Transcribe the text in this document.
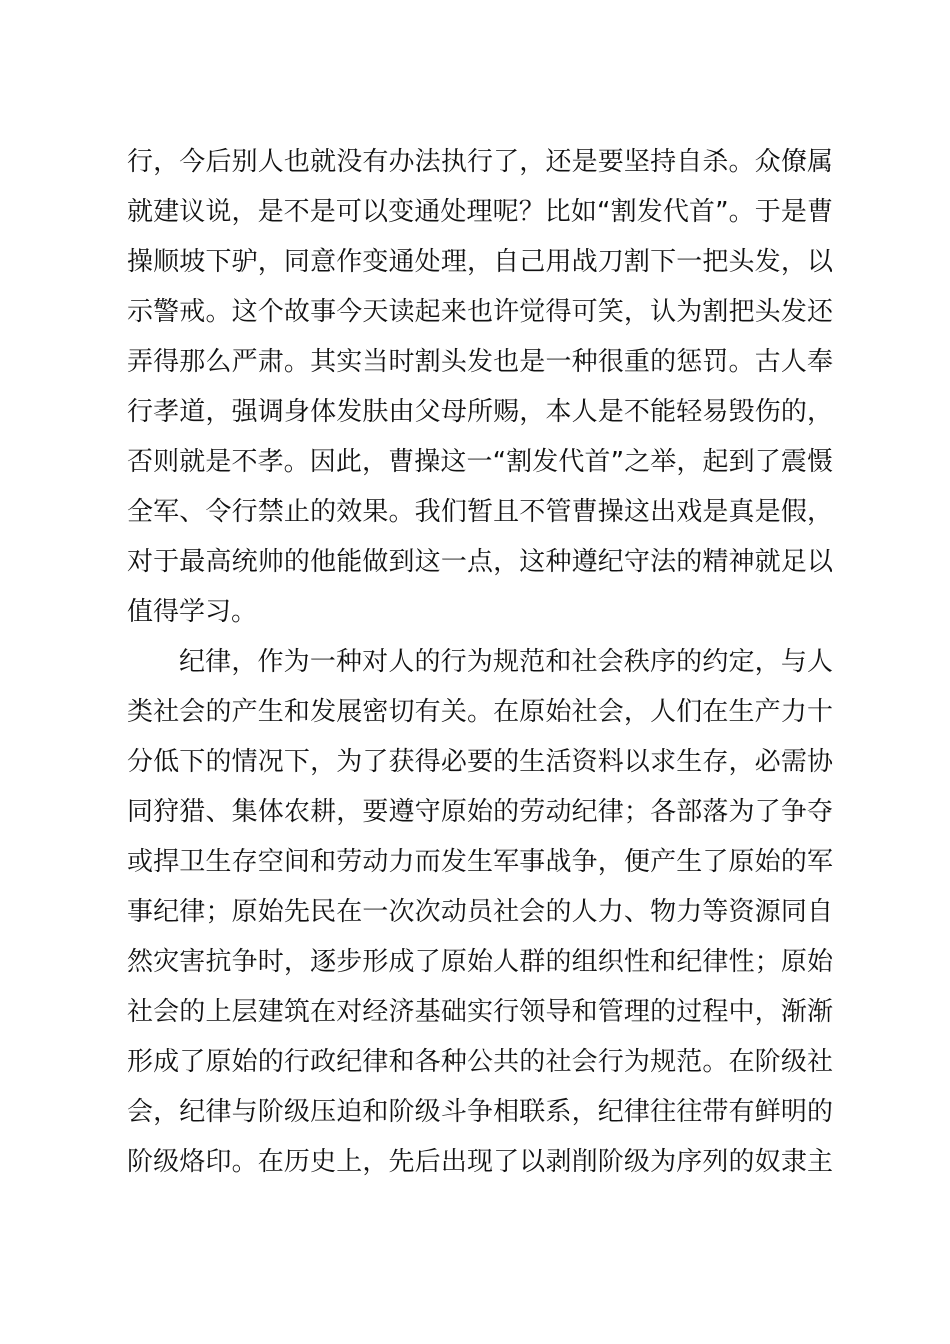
行，今后别人也就没有办法执行了，还是要坚持自杀。众僚属
就建议说，是不是可以变通处理呢？比如“割发代首”。于是曹
操顺坡下驴，同意作变通处理，自己用战刀割下一把头发，以
示警戒。这个故事今天读起来也许觉得可笑，认为割把头发还
弄得那么严肃。其实当时割头发也是一种很重的惩罚。古人奉
行孝道，强调身体发肤由父母所赐，本人是不能轻易毁伤的，
否则就是不孝。因此，曹操这一“割发代首”之举，起到了震慑
全军、令行禁止的效果。我们暂且不管曹操这出戏是真是假，
对于最高统帅的他能做到这一点，这种遵纪守法的精神就足以
值得学习。
纪律，作为一种对人的行为规范和社会秩序的约定，与人
类社会的产生和发展密切有关。在原始社会，人们在生产力十
分低下的情况下，为了获得必要的生活资料以求生存，必需协
同狩猎、集体农耕，要遵守原始的劳动纪律；各部落为了争夺
或捍卫生存空间和劳动力而发生军事战争，便产生了原始的军
事纪律；原始先民在一次次动员社会的人力、物力等资源同自
然灾害抗争时，逐步形成了原始人群的组织性和纪律性；原始
社会的上层建筑在对经济基础实行领导和管理的过程中，渐渐
形成了原始的行政纪律和各种公共的社会行为规范。在阶级社
会，纪律与阶级压迫和阶级斗争相联系，纪律往往带有鲜明的
阶级烙印。在历史上，先后出现了以剥削阶级为序列的奴隶主
